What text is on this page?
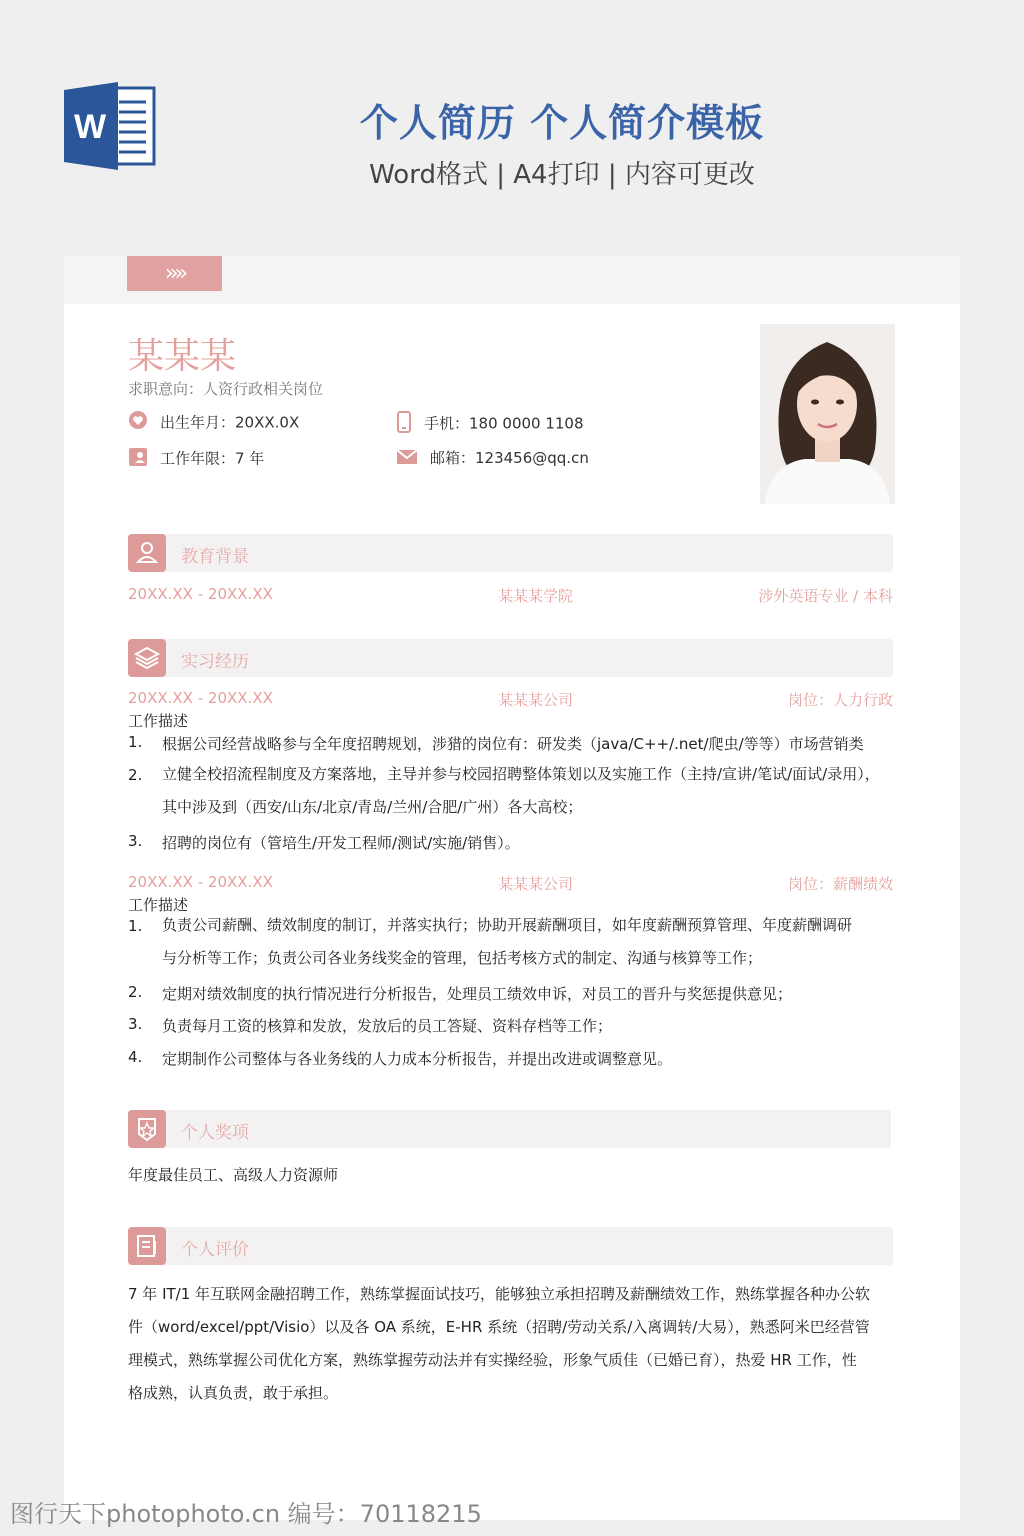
W	个人简历 个人简介模板
Word格式 | A4打印 | 内容可更改
››››
某某某
求职意向：人资行政相关岗位
出生年月：20XX.0X	手机：180 0000 1108
工作年限：7 年	邮箱：123456@qq.cn
教育背景
20XX.XX - 20XX.XX	某某某学院	涉外英语专业 / 本科
实习经历
20XX.XX - 20XX.XX	某某某公司	岗位：人力行政
工作描述
1. 根据公司经营战略参与全年度招聘规划，涉猎的岗位有：研发类（java/C++/.net/爬虫/等等）市场营销类
2. 立健全校招流程制度及方案落地，主导并参与校园招聘整体策划以及实施工作（主持/宣讲/笔试/面试/录用），
其中涉及到（西安/山东/北京/青岛/兰州/合肥/广州）各大高校；
3. 招聘的岗位有（管培生/开发工程师/测试/实施/销售）。
20XX.XX - 20XX.XX	某某某公司	岗位：薪酬绩效
工作描述
1. 负责公司薪酬、绩效制度的制订，并落实执行；协助开展薪酬项目，如年度薪酬预算管理、年度薪酬调研
与分析等工作；负责公司各业务线奖金的管理，包括考核方式的制定、沟通与核算等工作；
2. 定期对绩效制度的执行情况进行分析报告，处理员工绩效申诉，对员工的晋升与奖惩提供意见；
3. 负责每月工资的核算和发放，发放后的员工答疑、资料存档等工作；
4. 定期制作公司整体与各业务线的人力成本分析报告，并提出改进或调整意见。
个人奖项
年度最佳员工、高级人力资源师
个人评价
7 年 IT/1 年互联网金融招聘工作，熟练掌握面试技巧，能够独立承担招聘及薪酬绩效工作，熟练掌握各种办公软
件（word/excel/ppt/Visio）以及各 OA 系统，E-HR 系统（招聘/劳动关系/入离调转/大易），熟悉阿米巴经营管
理模式，熟练掌握公司优化方案，熟练掌握劳动法并有实操经验，形象气质佳（已婚已育），热爱 HR 工作，性
格成熟，认真负责，敢于承担。
图行天下photophoto.cn 编号：70118215
